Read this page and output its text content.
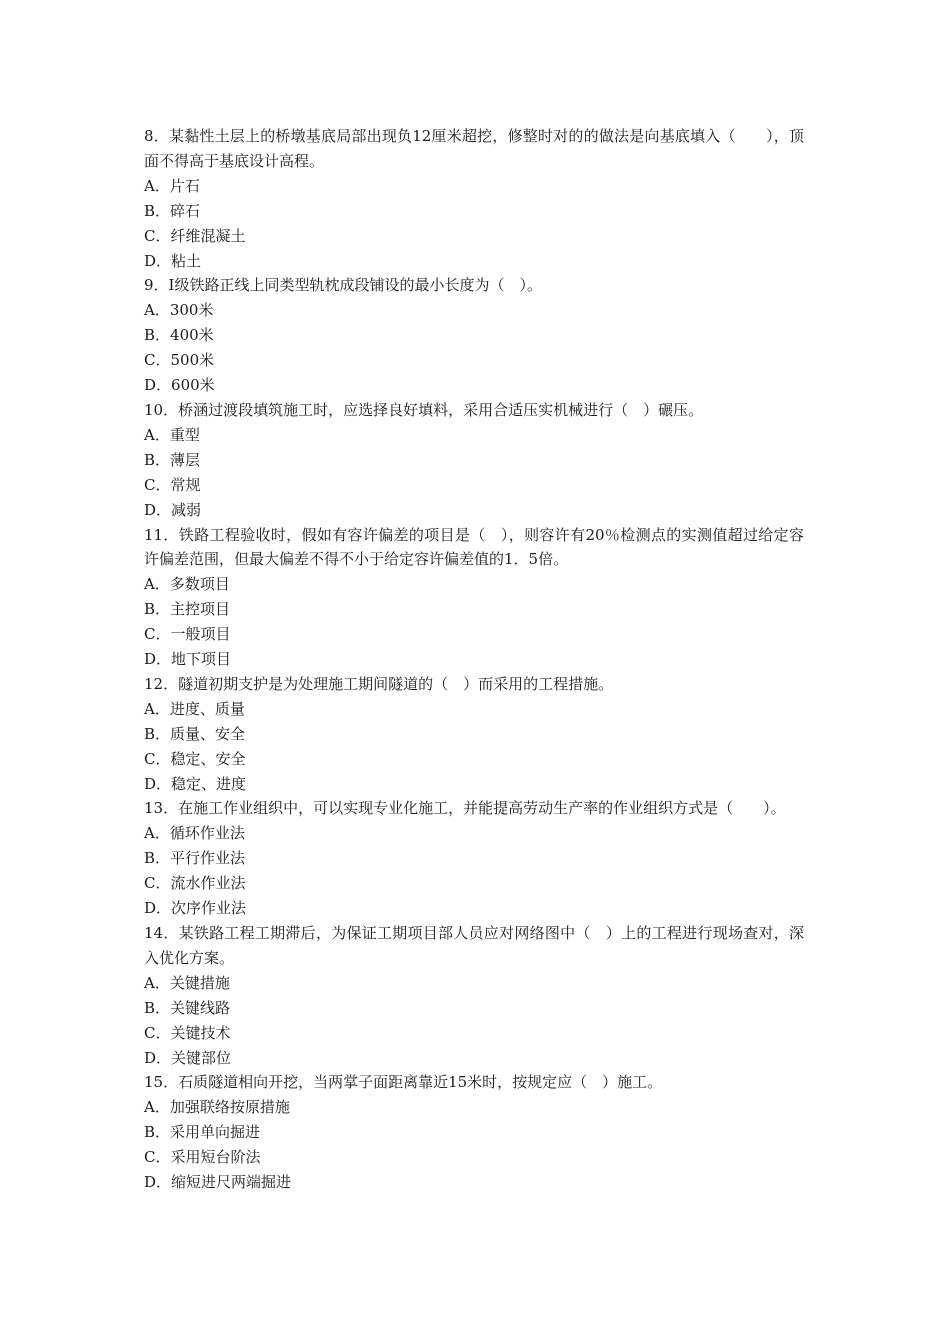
8．某黏性土层上的桥墩基底局部出现负12厘米超挖，修整时对的的做法是向基底填入（　　），顶面不得高于基底设计高程。

A．片石
B．碎石
C．纤维混凝土
D．粘土

9．Ⅰ级铁路正线上同类型轨枕成段铺设的最小长度为（　）。

A．300米
B．400米
C．500米
D．600米

10．桥涵过渡段填筑施工时，应选择良好填料，采用合适压实机械进行（　）碾压。

A．重型
B．薄层
C．常规
D．减弱

11．铁路工程验收时，假如有容许偏差的项目是（　），则容许有20％检测点的实测值超过给定容许偏差范围，但最大偏差不得不小于给定容许偏差值的1．5倍。

A．多数项目
B．主控项目
C．一般项目
D．地下项目

12．隧道初期支护是为处理施工期间隧道的（　）而采用的工程措施。

A．进度、质量
B．质量、安全
C．稳定、安全
D．稳定、进度

13．在施工作业组织中，可以实现专业化施工，并能提高劳动生产率的作业组织方式是（　　）。

A．循环作业法
B．平行作业法
C．流水作业法
D．次序作业法

14．某铁路工程工期滞后，为保证工期项目部人员应对网络图中（　）上的工程进行现场查对，深入优化方案。

A．关键措施
B．关键线路
C．关键技术
D．关键部位

15．石质隧道相向开挖，当两掌子面距离靠近15米时，按规定应（　）施工。

A．加强联络按原措施
B．采用单向掘进
C．采用短台阶法
D．缩短进尺两端掘进
